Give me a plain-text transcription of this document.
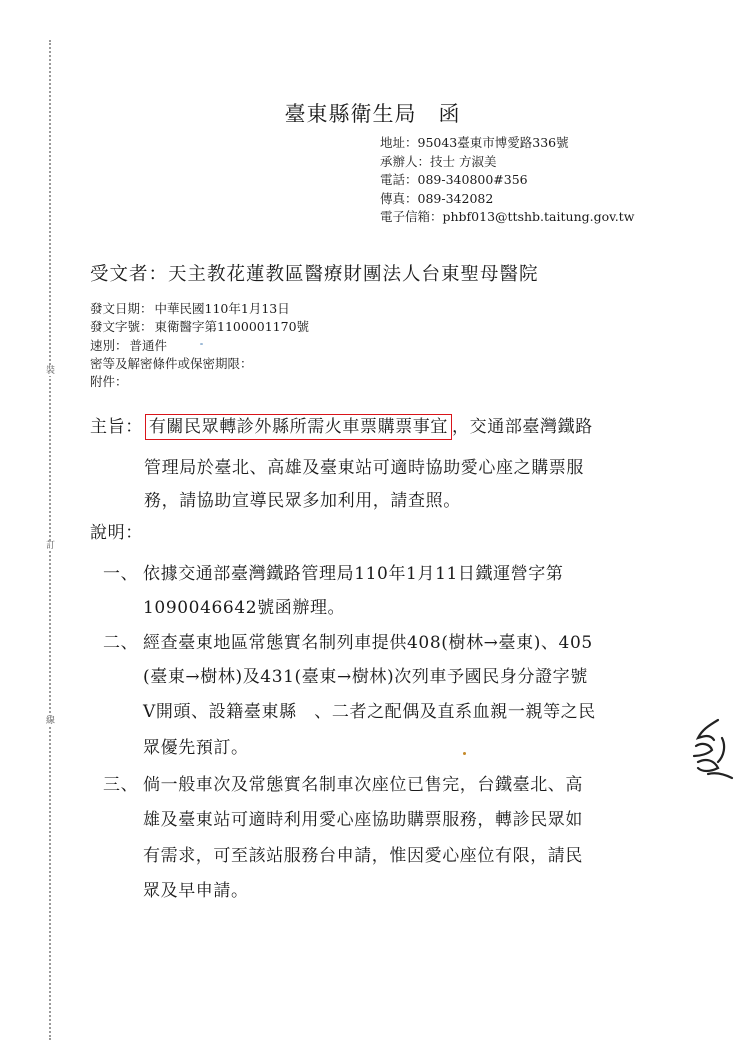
裝
訂
線
臺東縣衛生局　函
地址：95043臺東市博愛路336號
承辦人：技士 方淑美
電話：089-340800#356
傳真：089-342082
電子信箱：phbf013@ttshb.taitung.gov.tw
受文者：天主教花蓮教區醫療財團法人台東聖母醫院
發文日期： 中華民國110年1月13日
發文字號： 東衛醫字第1100001170號
速別： 普通件
密等及解密條件或保密期限：
附件：
主旨： 有關民眾轉診外縣所需火車票購票事宜 ，交通部臺灣鐵路
管理局於臺北、高雄及臺東站可適時協助愛心座之購票服
務，請協助宣導民眾多加利用，請查照。
說明：
一、 依據交通部臺灣鐵路管理局110年1月11日鐵運營字第
1090046642號函辦理。
二、 經查臺東地區常態實名制列車提供408(樹林→臺東)、405
(臺東→樹林)及431(臺東→樹林)次列車予國民身分證字號
V開頭、設籍臺東縣　、二者之配偶及直系血親一親等之民
眾優先預訂。
三、 倘一般車次及常態實名制車次座位已售完，台鐵臺北、高
雄及臺東站可適時利用愛心座協助購票服務，轉診民眾如
有需求，可至該站服務台申請，惟因愛心座位有限，請民
眾及早申請。
